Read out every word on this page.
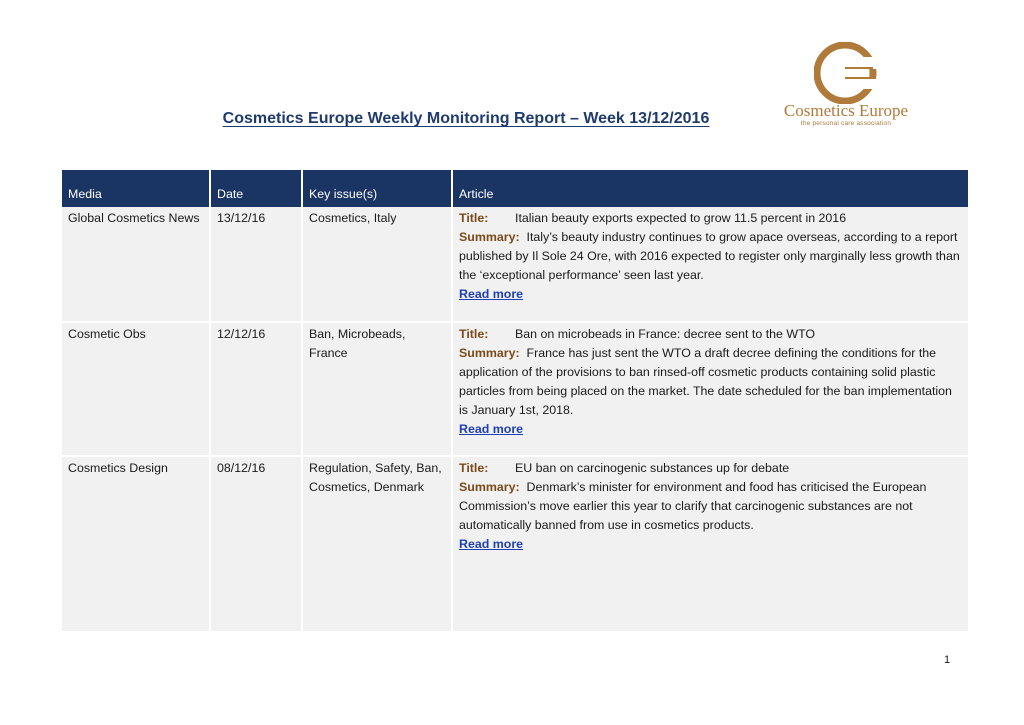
Cosmetics Europe
the personal care association
Cosmetics Europe Weekly Monitoring Report – Week 13/12/2016
Media	Date	Key issue(s)	Article
Global Cosmetics News	13/12/16	Cosmetics, Italy	Title: Italian beauty exports expected to grow 11.5 percent in 2016
Summary: Italy’s beauty industry continues to grow apace overseas, according to a report published by Il Sole 24 Ore, with 2016 expected to register only marginally less growth than the ‘exceptional performance’ seen last year.
Read more
Cosmetic Obs	12/12/16	Ban, Microbeads, France	Title: Ban on microbeads in France: decree sent to the WTO
Summary: France has just sent the WTO a draft decree defining the conditions for the application of the provisions to ban rinsed-off cosmetic products containing solid plastic particles from being placed on the market. The date scheduled for the ban implementation is January 1st, 2018.
Read more
Cosmetics Design	08/12/16	Regulation, Safety, Ban, Cosmetics, Denmark	Title: EU ban on carcinogenic substances up for debate
Summary: Denmark’s minister for environment and food has criticised the European Commission’s move earlier this year to clarify that carcinogenic substances are not automatically banned from use in cosmetics products.
Read more
1
